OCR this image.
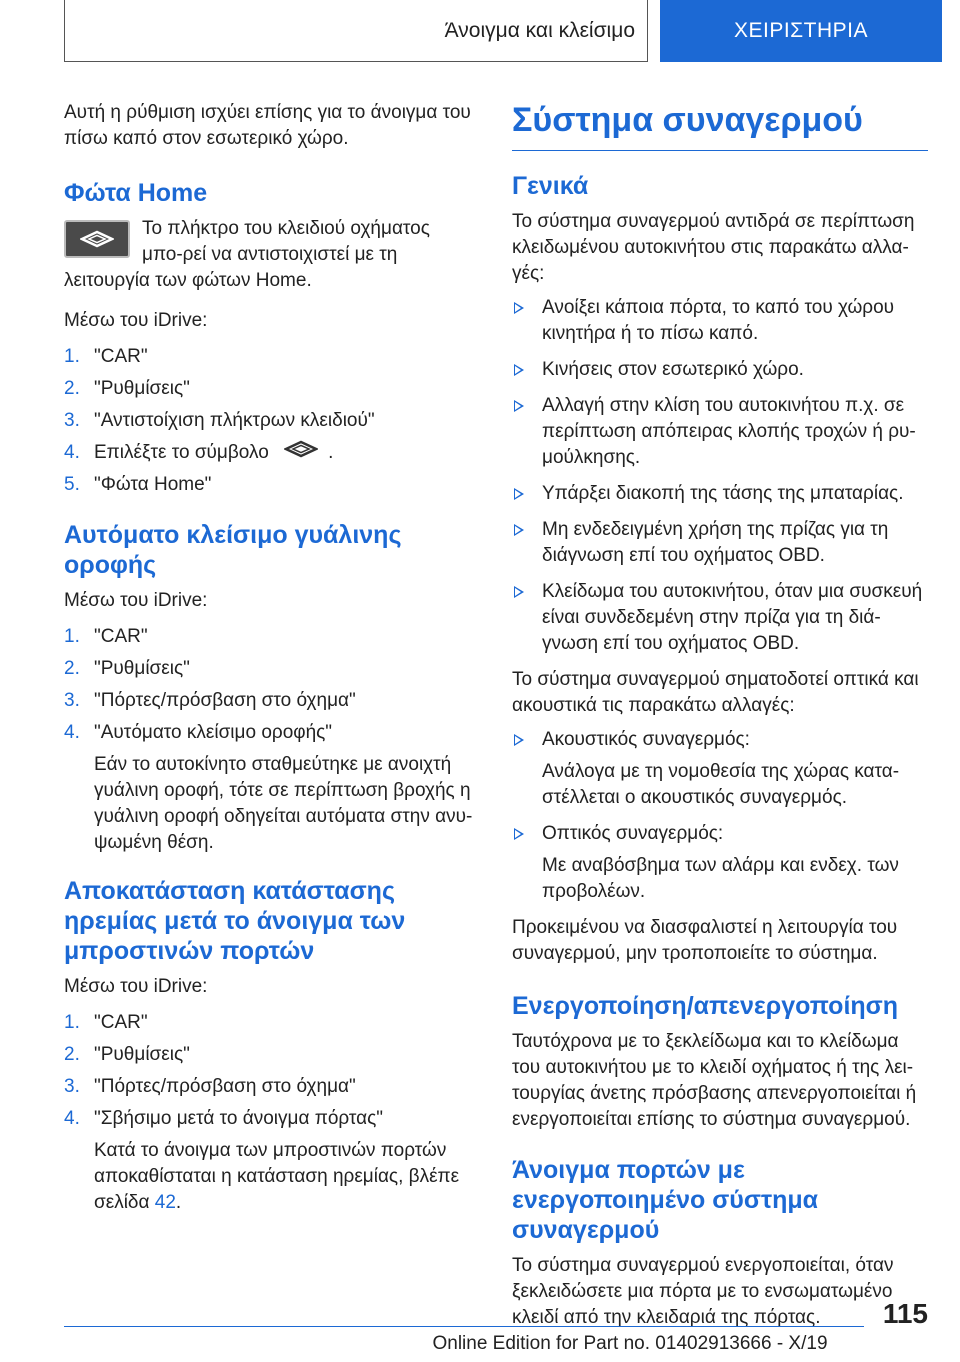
Άνοιγμα και κλείσιμο	ΧΕΙΡΙΣΤΗΡΙΑ

Αυτή η ρύθμιση ισχύει επίσης για το άνοιγμα του πίσω καπό στον εσωτερικό χώρο.

Φώτα Home

Το πλήκτρο του κλειδιού οχήματος μπο-ρεί να αντιστοιχιστεί με τη λειτουργία των φώτων Home.

Μέσω του iDrive:

1. "CAR"
2. "Ρυθμίσεις"
3. "Αντιστοίχιση πλήκτρων κλειδιού"
4. Επιλέξτε το σύμβολο	.
5. "Φώτα Home"
Αυτόματο κλείσιμο γυάλινης οροφής

Μέσω του iDrive:

1. "CAR"
2. "Ρυθμίσεις"
3. "Πόρτες/πρόσβαση στο όχημα"
4. "Αυτόματο κλείσιμο οροφής"
Εάν το αυτοκίνητο σταθμεύτηκε με ανοιχτή γυάλινη οροφή, τότε σε περίπτωση βροχής η γυάλινη οροφή οδηγείται αυτόματα στην ανυ-ψωμένη θέση.
Αποκατάσταση κατάστασης ηρεμίας μετά το άνοιγμα των μπροστινών πορτών

Μέσω του iDrive:

1. "CAR"
2. "Ρυθμίσεις"
3. "Πόρτες/πρόσβαση στο όχημα"
4. "Σβήσιμο μετά το άνοιγμα πόρτας"
Κατά το άνοιγμα των μπροστινών πορτών αποκαθίσταται η κατάσταση ηρεμίας, βλέπε σελίδα 42.
Σύστημα συναγερμού
Γενικά

Το σύστημα συναγερμού αντιδρά σε περίπτωση κλειδωμένου αυτοκινήτου στις παρακάτω αλλα-γές:

Ανοίξει κάποια πόρτα, το καπό του χώρου κινητήρα ή το πίσω καπό.
Κινήσεις στον εσωτερικό χώρο.
Αλλαγή στην κλίση του αυτοκινήτου π.χ. σε περίπτωση απόπειρας κλοπής τροχών ή ρυ-μούλκησης.
Υπάρξει διακοπή της τάσης της μπαταρίας.
Μη ενδεδειγμένη χρήση της πρίζας για τη διάγνωση επί του οχήματος OBD.
Κλείδωμα του αυτοκινήτου, όταν μια συσκευή είναι συνδεδεμένη στην πρίζα για τη διά-γνωση επί του οχήματος OBD.

Το σύστημα συναγερμού σηματοδοτεί οπτικά και ακουστικά τις παρακάτω αλλαγές:

Ακουστικός συναγερμός:
Ανάλογα με τη νομοθεσία της χώρας κατα-στέλλεται ο ακουστικός συναγερμός.
Οπτικός συναγερμός:
Με αναβόσβημα των αλάρμ και ενδεχ. των προβολέων.

Προκειμένου να διασφαλιστεί η λειτουργία του συναγερμού, μην τροποποιείτε το σύστημα.

Ενεργοποίηση/απενεργοποίηση

Ταυτόχρονα με το ξεκλείδωμα και το κλείδωμα του αυτοκινήτου με το κλειδί οχήματος ή της λει-τουργίας άνετης πρόσβασης απενεργοποιείται ή ενεργοποιείται επίσης το σύστημα συναγερμού.

Άνοιγμα πορτών με ενεργοποιημένο σύστημα συναγερμού

Το σύστημα συναγερμού ενεργοποιείται, όταν ξεκλειδώσετε μια πόρτα με το ενσωματωμένο κλειδί από την κλειδαριά της πόρτας.	115
Online Edition for Part no. 01402913666 - X/19
